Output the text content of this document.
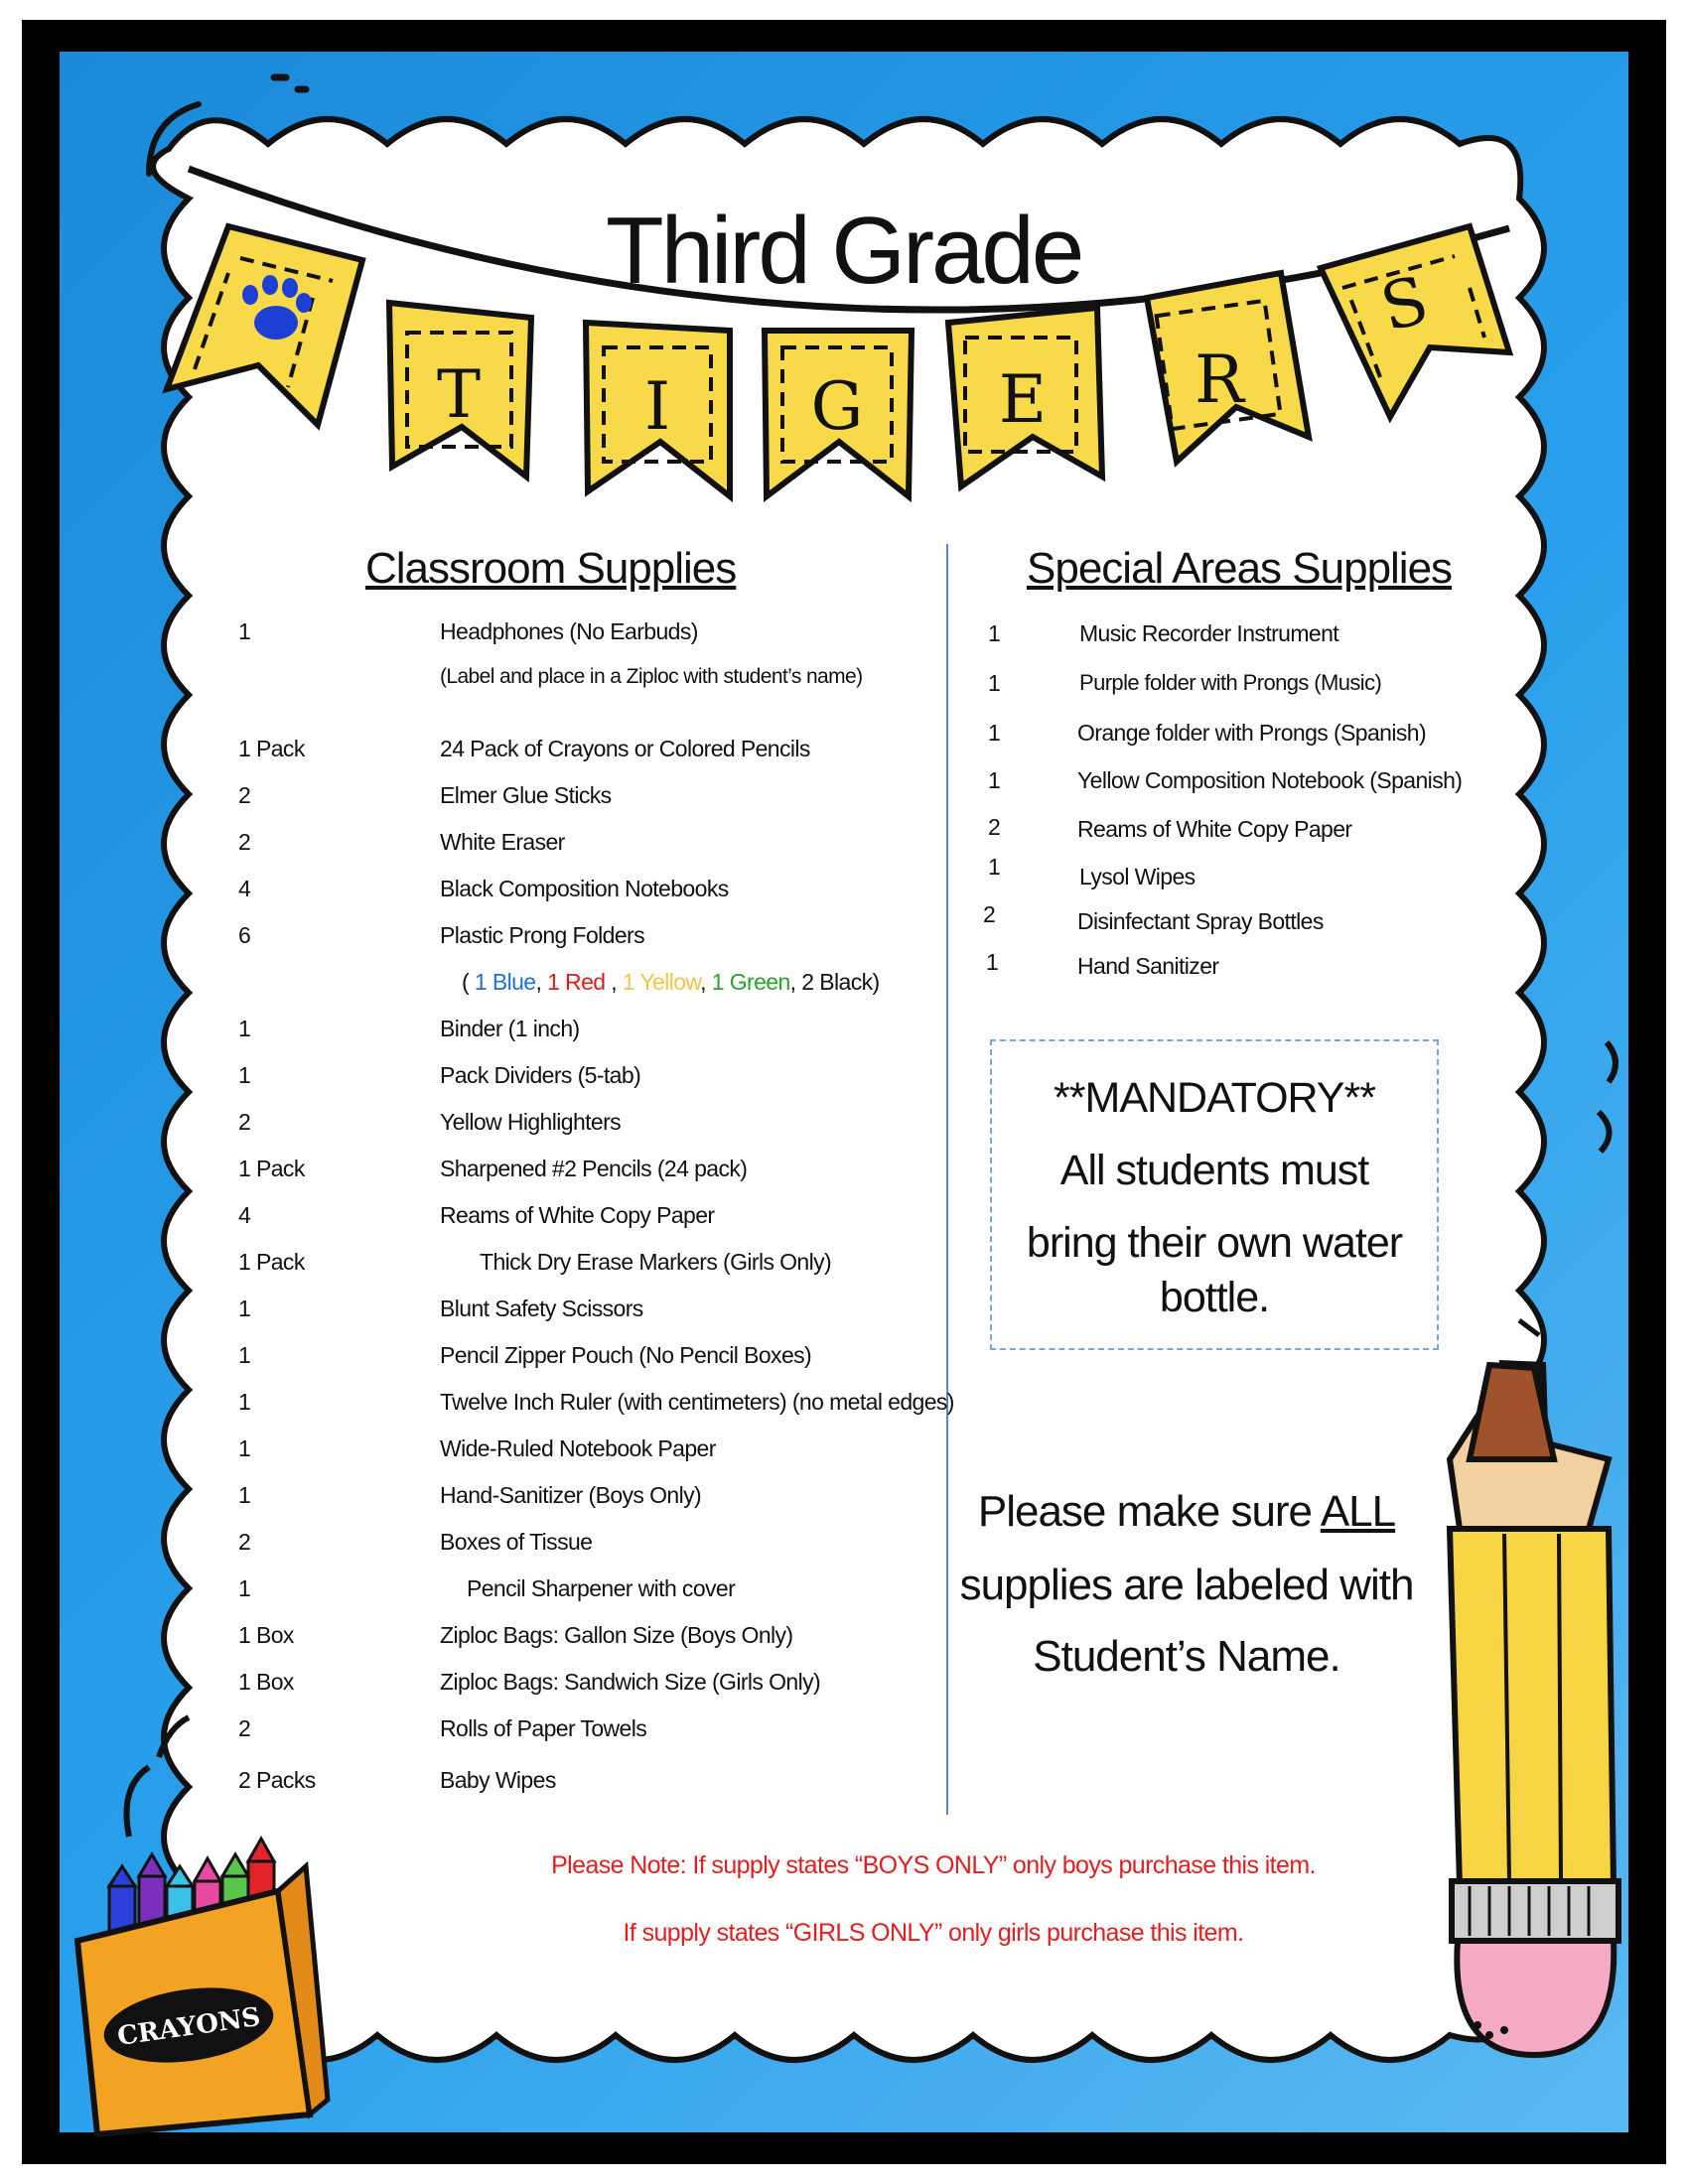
T I G E R
S
CRAYONS
Third Grade
Classroom Supplies	Special Areas Supplies
1	Headphones (No Earbuds)
(Label and place in a Ziploc with student’s name)
1 Pack	24 Pack of Crayons or Colored Pencils
2	Elmer Glue Sticks
2	White Eraser
4	Black Composition Notebooks
6	Plastic Prong Folders
( 1 Blue, 1 Red , 1 Yellow, 1 Green, 2 Black)
1	Binder (1 inch)
1	Pack Dividers (5-tab)
2	Yellow Highlighters
1 Pack	Sharpened #2 Pencils (24 pack)
4	Reams of White Copy Paper
1 Pack	Thick Dry Erase Markers (Girls Only)
1	Blunt Safety Scissors
1	Pencil Zipper Pouch (No Pencil Boxes)
1	Twelve Inch Ruler (with centimeters) (no metal edges)
1	Wide-Ruled Notebook Paper
1	Hand-Sanitizer (Boys Only)
2	Boxes of Tissue
1	Pencil Sharpener with cover
1 Box	Ziploc Bags: Gallon Size (Boys Only)
1 Box	Ziploc Bags: Sandwich Size (Girls Only)
2	Rolls of Paper Towels
2 Packs	Baby Wipes
1	Music Recorder Instrument
1	Purple folder with Prongs (Music)
1	Orange folder with Prongs (Spanish)
1	Yellow Composition Notebook (Spanish)
2	Reams of White Copy Paper
1	Lysol Wipes
2	Disinfectant Spray Bottles
1	Hand Sanitizer
**MANDATORY**
All students must
bring their own water
bottle.
Please make sure ALL
supplies are labeled with
Student’s Name.
Please Note: If supply states “BOYS ONLY” only boys purchase this item.
If supply states “GIRLS ONLY” only girls purchase this item.
